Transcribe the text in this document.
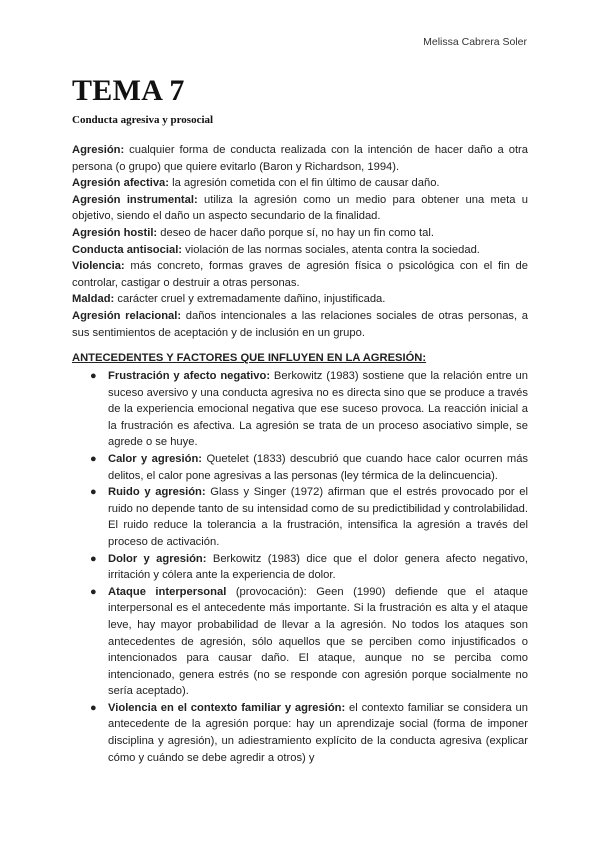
Melissa Cabrera Soler
TEMA 7
Conducta agresiva y prosocial

Agresión: cualquier forma de conducta realizada con la intención de hacer daño a otra persona (o grupo) que quiere evitarlo (Baron y Richardson, 1994).

Agresión afectiva: la agresión cometida con el fin último de causar daño.

Agresión instrumental: utiliza la agresión como un medio para obtener una meta u objetivo, siendo el daño un aspecto secundario de la finalidad.

Agresión hostil: deseo de hacer daño porque sí, no hay un fin como tal.

Conducta antisocial: violación de las normas sociales, atenta contra la sociedad.

Violencia: más concreto, formas graves de agresión física o psicológica con el fin de controlar, castigar o destruir a otras personas.

Maldad: carácter cruel y extremadamente dañino, injustificada.

Agresión relacional: daños intencionales a las relaciones sociales de otras personas, a sus sentimientos de aceptación y de inclusión en un grupo.

ANTECEDENTES Y FACTORES QUE INFLUYEN EN LA AGRESIÓN:
● Frustración y afecto negativo: Berkowitz (1983) sostiene que la relación entre un suceso aversivo y una conducta agresiva no es directa sino que se produce a través de la experiencia emocional negativa que ese suceso provoca. La reacción inicial a la frustración es afectiva. La agresión se trata de un proceso asociativo simple, se agrede o se huye.
● Calor y agresión: Quetelet (1833) descubrió que cuando hace calor ocurren más delitos, el calor pone agresivas a las personas (ley térmica de la delincuencia).
● Ruido y agresión: Glass y Singer (1972) afirman que el estrés provocado por el ruido no depende tanto de su intensidad como de su predictibilidad y controlabilidad. El ruido reduce la tolerancia a la frustración, intensifica la agresión a través del proceso de activación.
● Dolor y agresión: Berkowitz (1983) dice que el dolor genera afecto negativo, irritación y cólera ante la experiencia de dolor.
● Ataque interpersonal (provocación): Geen (1990) defiende que el ataque interpersonal es el antecedente más importante. Si la frustración es alta y el ataque leve, hay mayor probabilidad de llevar a la agresión. No todos los ataques son antecedentes de agresión, sólo aquellos que se perciben como injustificados o intencionados para causar daño. El ataque, aunque no se perciba como intencionado, genera estrés (no se responde con agresión porque socialmente no sería aceptado).
● Violencia en el contexto familiar y agresión: el contexto familiar se considera un antecedente de la agresión porque: hay un aprendizaje social (forma de imponer disciplina y agresión), un adiestramiento explícito de la conducta agresiva (explicar cómo y cuándo se debe agredir a otros) y
